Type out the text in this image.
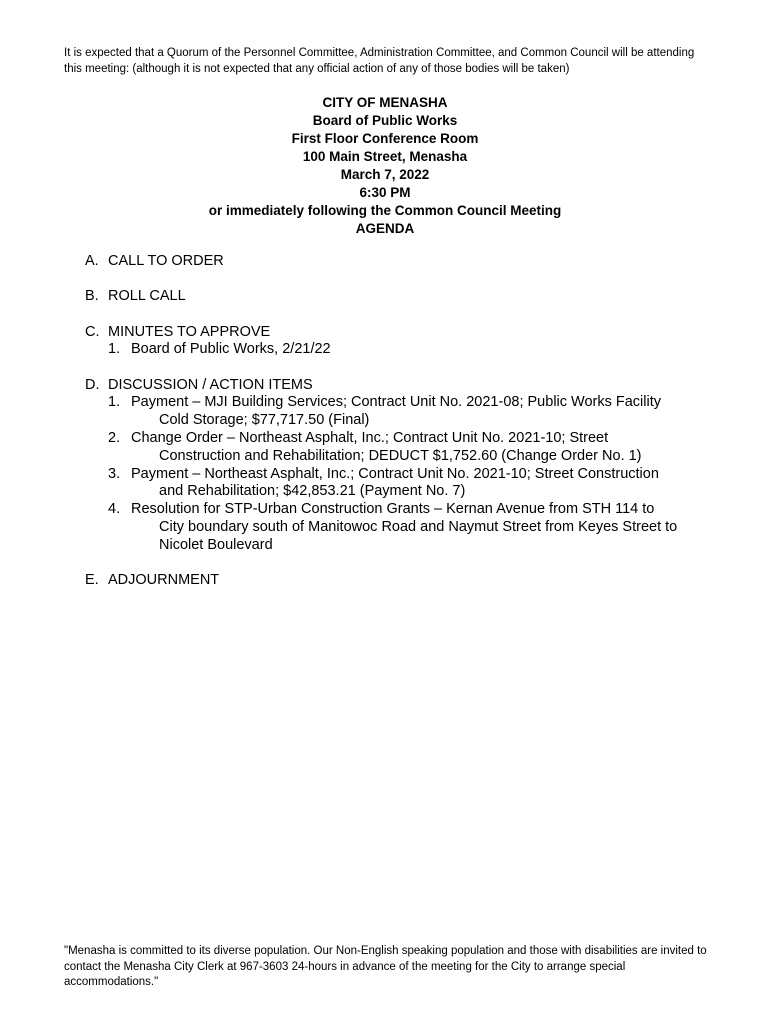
It is expected that a Quorum of the Personnel Committee, Administration Committee, and Common Council will be attending this meeting: (although it is not expected that any official action of any of those bodies will be taken)
CITY OF MENASHA
Board of Public Works
First Floor Conference Room
100 Main Street, Menasha
March 7, 2022
6:30 PM
or immediately following the Common Council Meeting
AGENDA
A. CALL TO ORDER
B. ROLL CALL
C. MINUTES TO APPROVE
1. Board of Public Works, 2/21/22
D. DISCUSSION / ACTION ITEMS
1. Payment – MJI Building Services; Contract Unit No. 2021-08; Public Works Facility
Cold Storage; $77,717.50 (Final)
2. Change Order – Northeast Asphalt, Inc.; Contract Unit No. 2021-10; Street
Construction and Rehabilitation; DEDUCT $1,752.60 (Change Order No. 1)
3. Payment – Northeast Asphalt, Inc.; Contract Unit No. 2021-10; Street Construction
and Rehabilitation; $42,853.21 (Payment No. 7)
4. Resolution for STP-Urban Construction Grants – Kernan Avenue from STH 114 to
City boundary south of Manitowoc Road and Naymut Street from Keyes Street to Nicolet Boulevard
E. ADJOURNMENT
"Menasha is committed to its diverse population. Our Non-English speaking population and those with disabilities are invited to contact the Menasha City Clerk at 967-3603 24-hours in advance of the meeting for the City to arrange special accommodations."
